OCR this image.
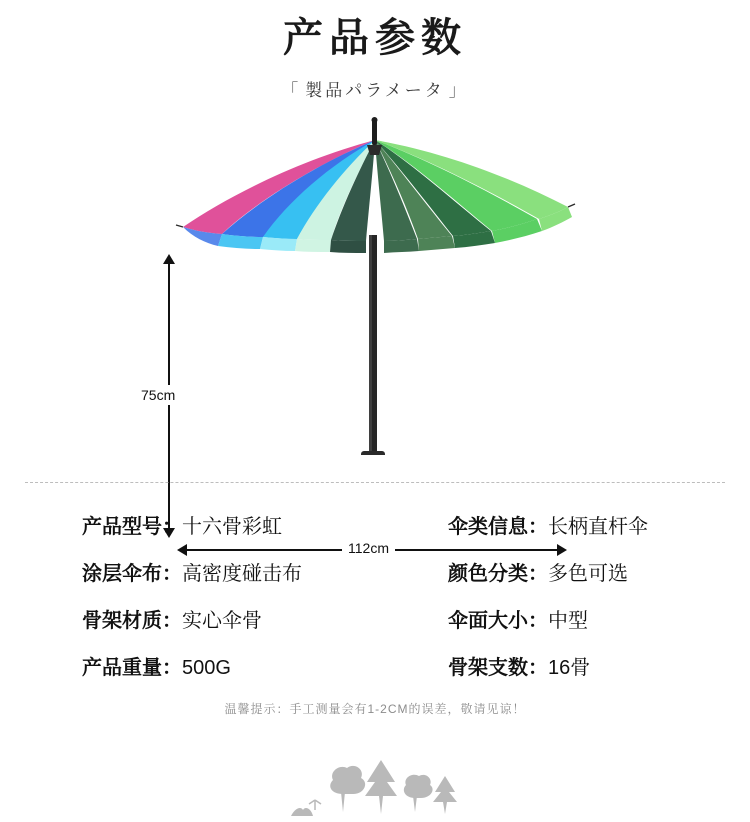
产品参数
「 製品パラメータ 」
75cm
112cm
产品型号：十六骨彩虹	伞类信息：长柄直杆伞
涂层伞布：高密度碰击布	颜色分类：多色可选
骨架材质：实心伞骨	伞面大小：中型
产品重量：500G	骨架支数：16骨
温馨提示：手工测量会有1-2CM的误差，敬请见谅！
